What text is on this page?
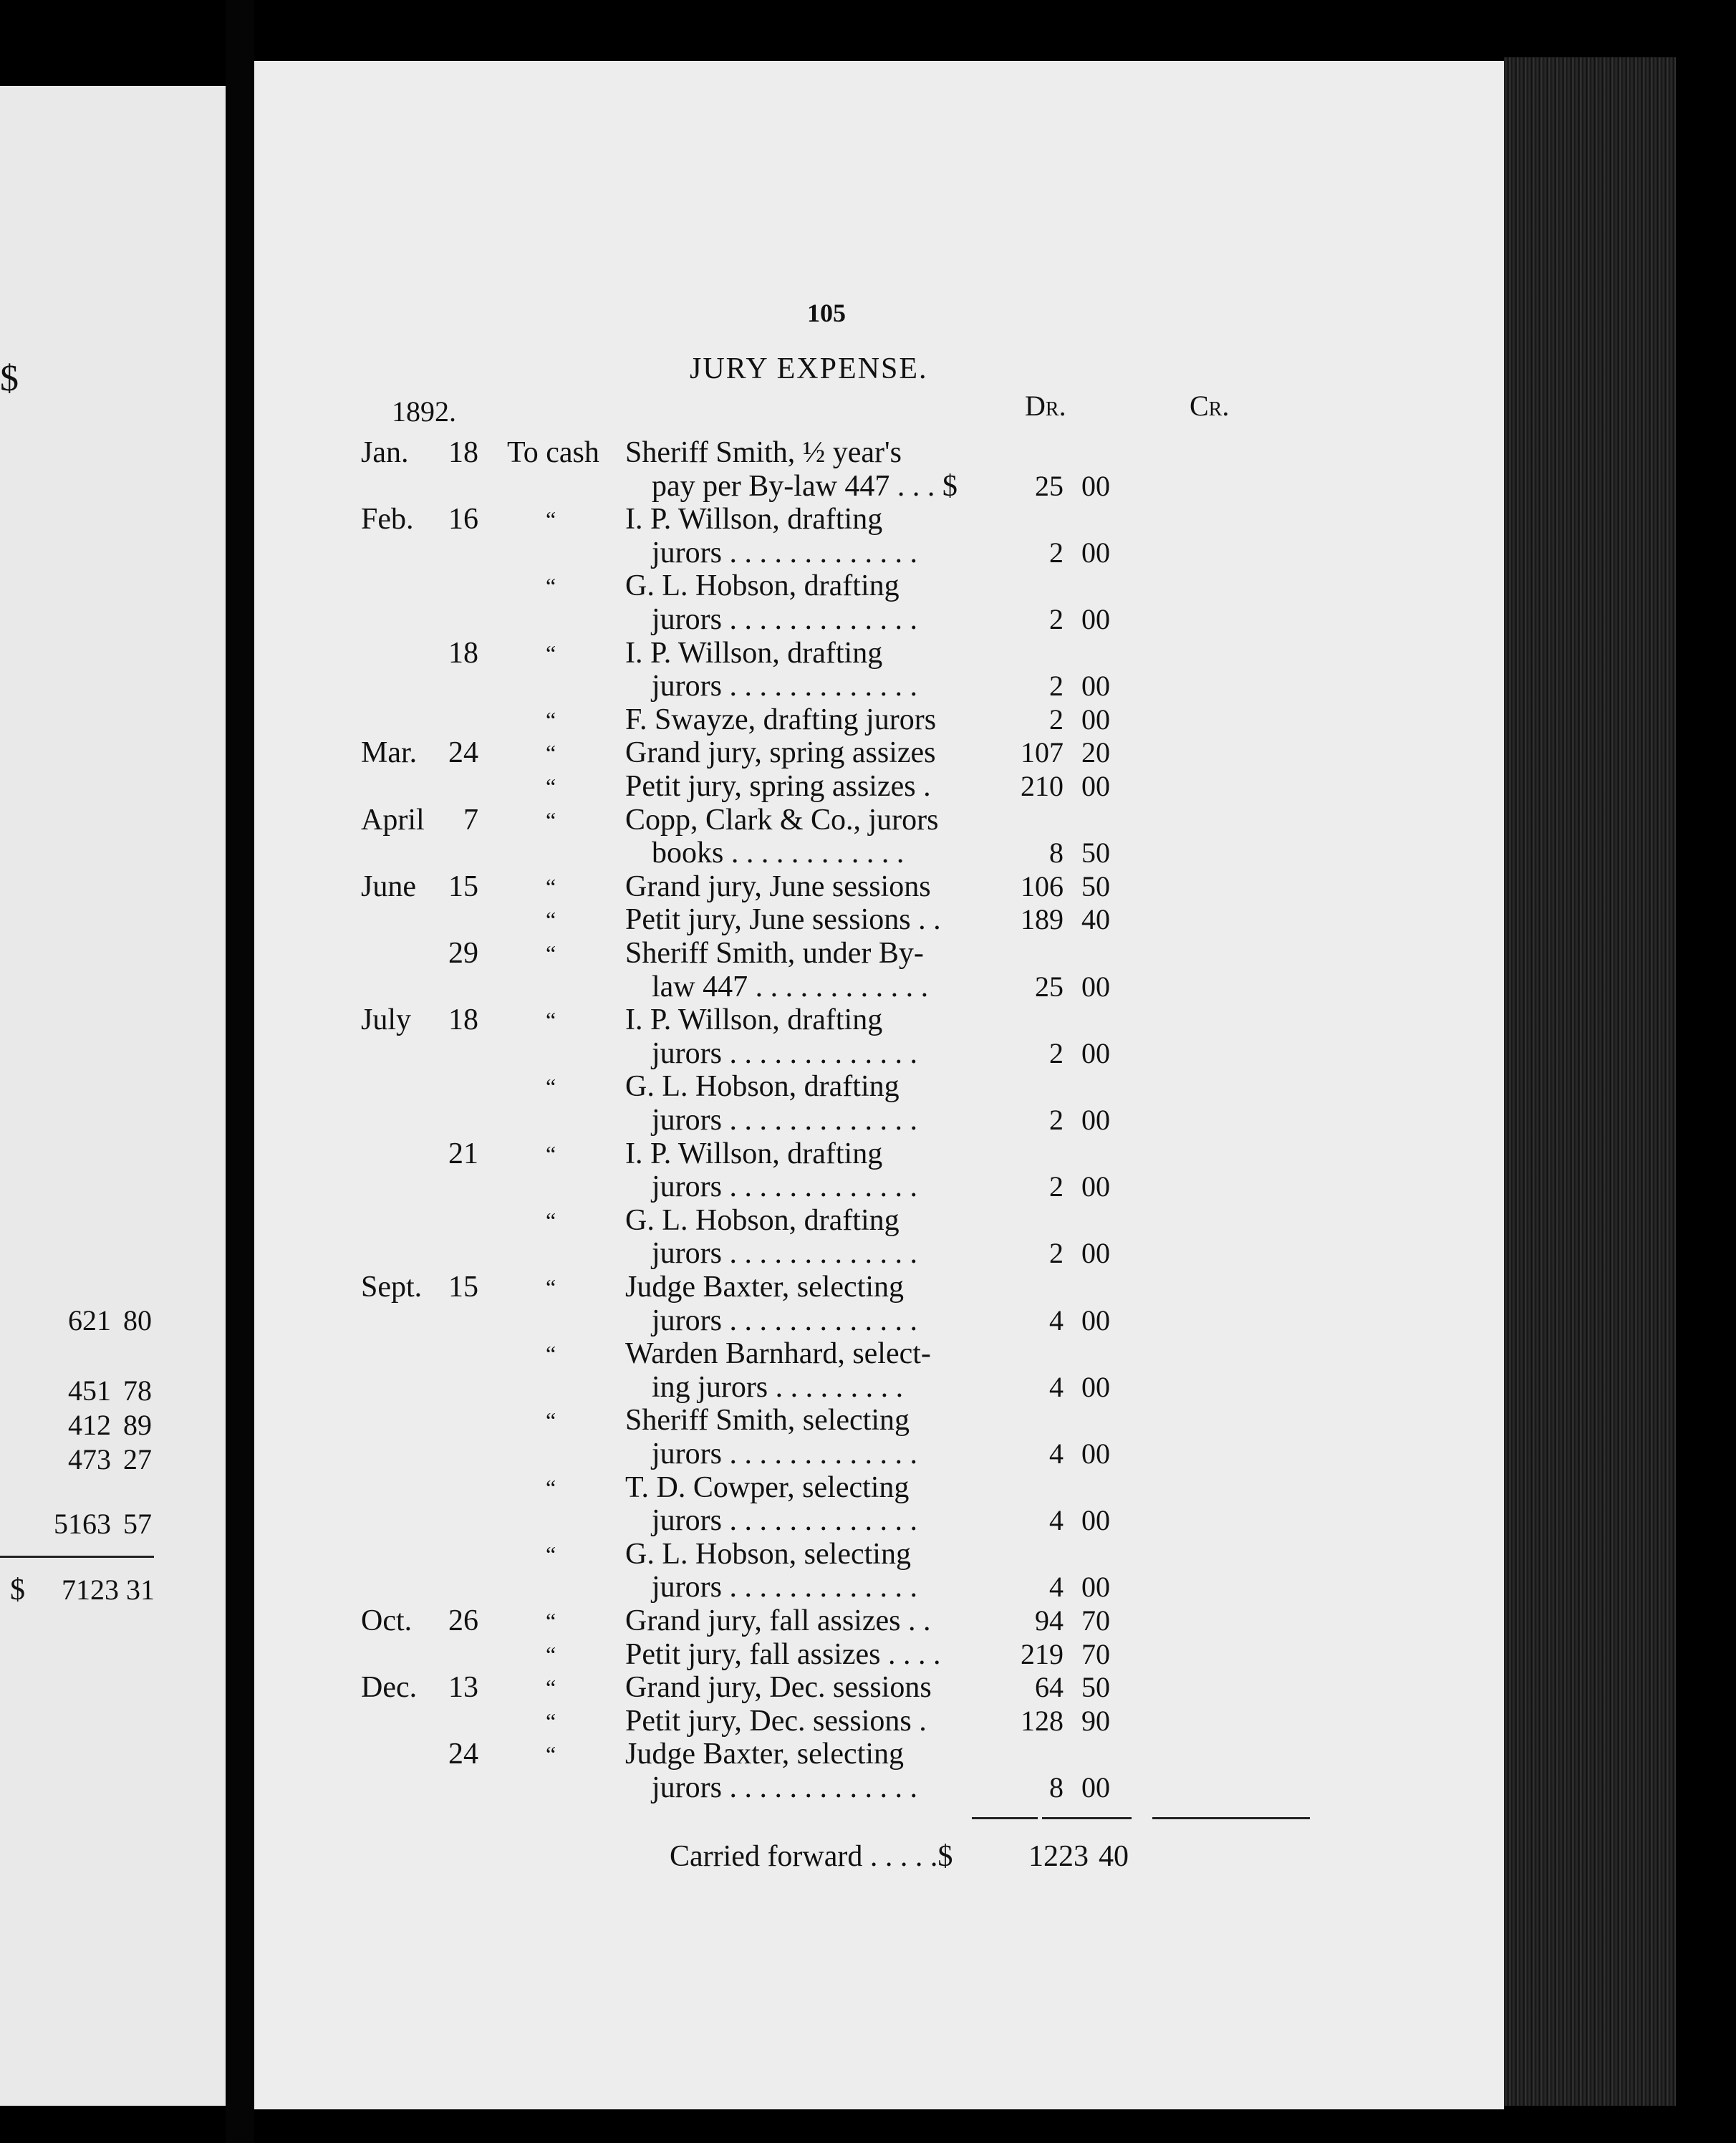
$
621 80
451 78
412 89
473 27
5163 57
$	7123 31
105
JURY EXPENSE.
1892.	Dr.	Cr.
Jan. 18 To cash Sheriff Smith, ½ year's
pay per By-law 447 . . . $	25 00
Feb. 16	“ I. P. Willson, drafting
jurors . . . . . . . . . . . . .	2 00
“ G. L. Hobson, drafting
jurors . . . . . . . . . . . . .	2 00
18	“ I. P. Willson, drafting
jurors . . . . . . . . . . . . .	2 00
“ F. Swayze, drafting jurors	2 00
Mar. 24	“ Grand jury, spring assizes	107 20
“ Petit jury, spring assizes .	210 00
April	7	“ Copp, Clark & Co., jurors
books . . . . . . . . . . . .	8 50
June 15	“ Grand jury, June sessions	106 50
“ Petit jury, June sessions . .	189 40
29	“ Sheriff Smith, under By-
law 447 . . . . . . . . . . . .	25 00
July 18	“ I. P. Willson, drafting
jurors . . . . . . . . . . . . .	2 00
“ G. L. Hobson, drafting
jurors . . . . . . . . . . . . .	2 00
21	“ I. P. Willson, drafting
jurors . . . . . . . . . . . . .	2 00
“ G. L. Hobson, drafting
jurors . . . . . . . . . . . . .	2 00
Sept. 15	“ Judge Baxter, selecting
jurors . . . . . . . . . . . . .	4 00
“ Warden Barnhard, select-
ing jurors . . . . . . . . .	4 00
“ Sheriff Smith, selecting
jurors . . . . . . . . . . . . .	4 00
“ T. D. Cowper, selecting
jurors . . . . . . . . . . . . .	4 00
“ G. L. Hobson, selecting
jurors . . . . . . . . . . . . .	4 00
Oct. 26	“ Grand jury, fall assizes . .	94 70
“ Petit jury, fall assizes . . . .	219 70
Dec. 13	“ Grand jury, Dec. sessions	64 50
“ Petit jury, Dec. sessions .	128 90
24	“ Judge Baxter, selecting
jurors . . . . . . . . . . . . .	8 00
Carried forward . . . . .$	1223 40
